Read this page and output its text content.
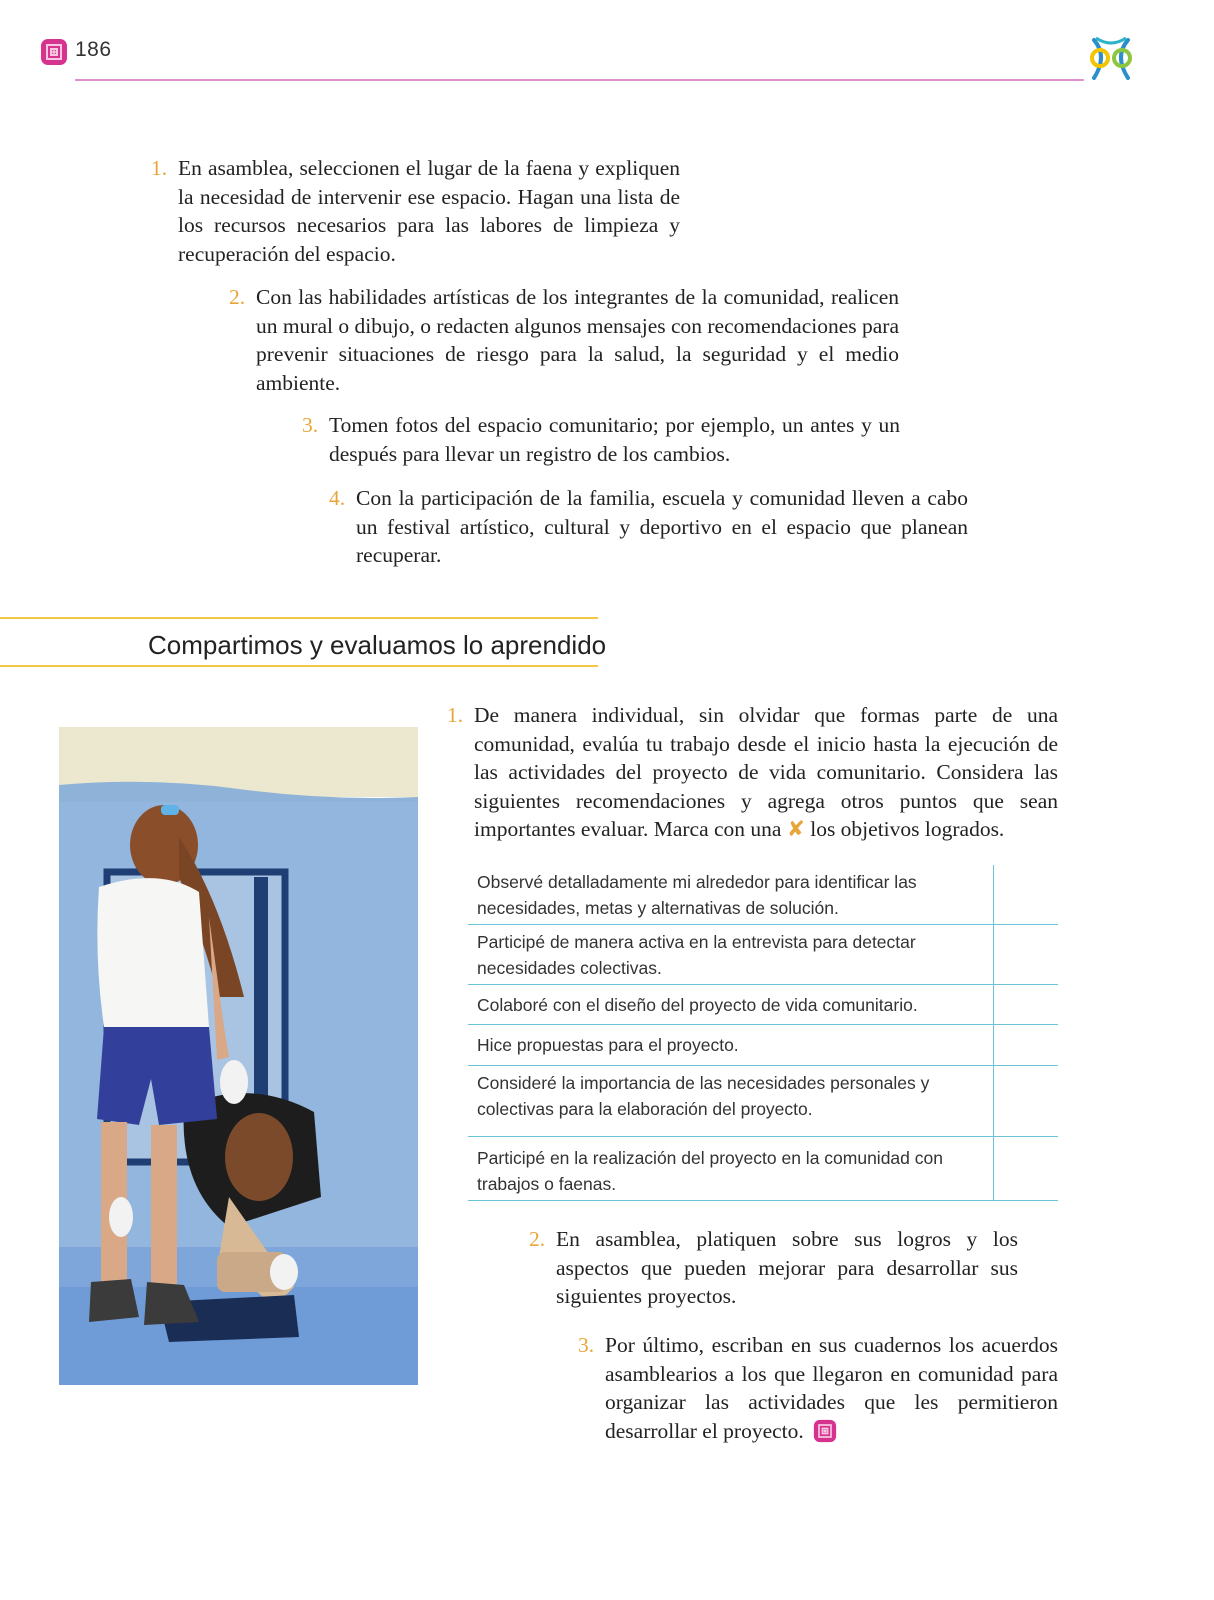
186
1. En asamblea, seleccionen el lugar de la faena y expliquen la necesidad de intervenir ese espacio. Hagan una lista de los recursos necesarios para las labores de limpieza y recuperación del espacio.
2. Con las habilidades artísticas de los integrantes de la comunidad, realicen un mural o dibujo, o redacten algunos mensajes con recomendaciones para prevenir situaciones de riesgo para la salud, la seguridad y el medio ambiente.
3. Tomen fotos del espacio comunitario; por ejemplo, un antes y un después para llevar un registro de los cambios.
4. Con la participación de la familia, escuela y comunidad lleven a cabo un festival artístico, cultural y deportivo en el espacio que planean recuperar.
Compartimos y evaluamos lo aprendido
1. De manera individual, sin olvidar que formas parte de una comunidad, evalúa tu trabajo desde el inicio hasta la ejecución de las actividades del proyecto de vida comunitario. Considera las siguientes recomendaciones y agrega otros puntos que sean importantes evaluar. Marca con una ✘ los objetivos logrados.
Observé detalladamente mi alrededor para identificar las necesidades, metas y alternativas de solución.	
Participé de manera activa en la entrevista para detectar necesidades colectivas.	
Colaboré con el diseño del proyecto de vida comunitario.	
Hice propuestas para el proyecto.	
Consideré la importancia de las necesidades personales y colectivas para la elaboración del proyecto.	
Participé en la realización del proyecto en la comunidad con trabajos o faenas.	
2. En asamblea, platiquen sobre sus logros y los aspectos que pueden mejorar para desarrollar sus siguientes proyectos.
3. Por último, escriban en sus cuadernos los acuerdos asamblearios a los que llegaron en comunidad para organizar las actividades que les permitieron desarrollar el proyecto.
